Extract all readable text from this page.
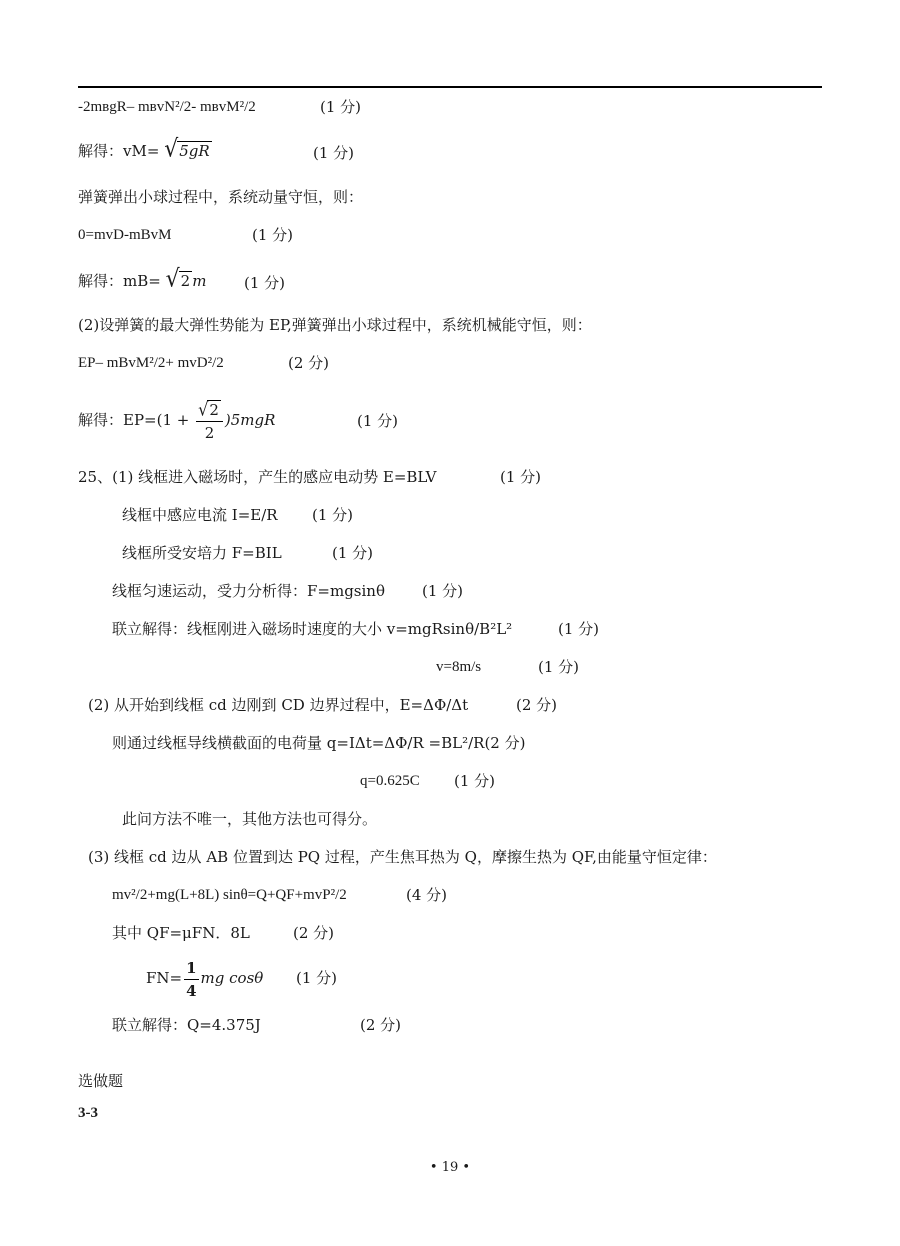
-2mʙgR– mʙvN²/2- mʙvM²/2	(1 分)
解得：vM= √5gR	(1 分)
弹簧弹出小球过程中，系统动量守恒，则：
0=mvD-mBvM	(1 分)
解得：mB= √2 m	(1 分)
(2)设弹簧的最大弹性势能为 EP,弹簧弹出小球过程中，系统机械能守恒，则：
EP– mBvM²/2+ mvD²/2	(2 分)
解得：$EP=(1 + \frac{√2}{2} )5mgR$	(1 分)
25、(1) 线框进入磁场时，产生的感应电动势 E=BLV	(1 分)
线框中感应电流 I=E/R (1 分)
线框所受安培力 F=BIL	(1 分)
线框匀速运动，受力分析得：F=mgsinθ (1 分)
联立解得：线框刚进入磁场时速度的大小 v=mgRsinθ/B²L²	(1 分)
v=8m/s	(1 分)
(2) 从开始到线框 cd 边刚到 CD 边界过程中，E=ΔΦ/Δt	(2 分)
则通过线框导线横截面的电荷量 q=IΔt=ΔΦ/R =BL²/R(2 分)
q=0.625C (1 分)
此问方法不唯一，其他方法也可得分。
(3) 线框 cd 边从 AB 位置到达 PQ 过程，产生焦耳热为 Q，摩擦生热为 QF,由能量守恒定律：
mv²/2+mg(L+8L) sinθ=Q+QF+mvP²/2	(4 分)
其中 QF=μFN．8L	(2 分)
$FN= \frac{1}{4}$ mg cosθ (1 分)
联立解得：Q=4.375J	(2 分)
选做题
3-3
• 19 •
